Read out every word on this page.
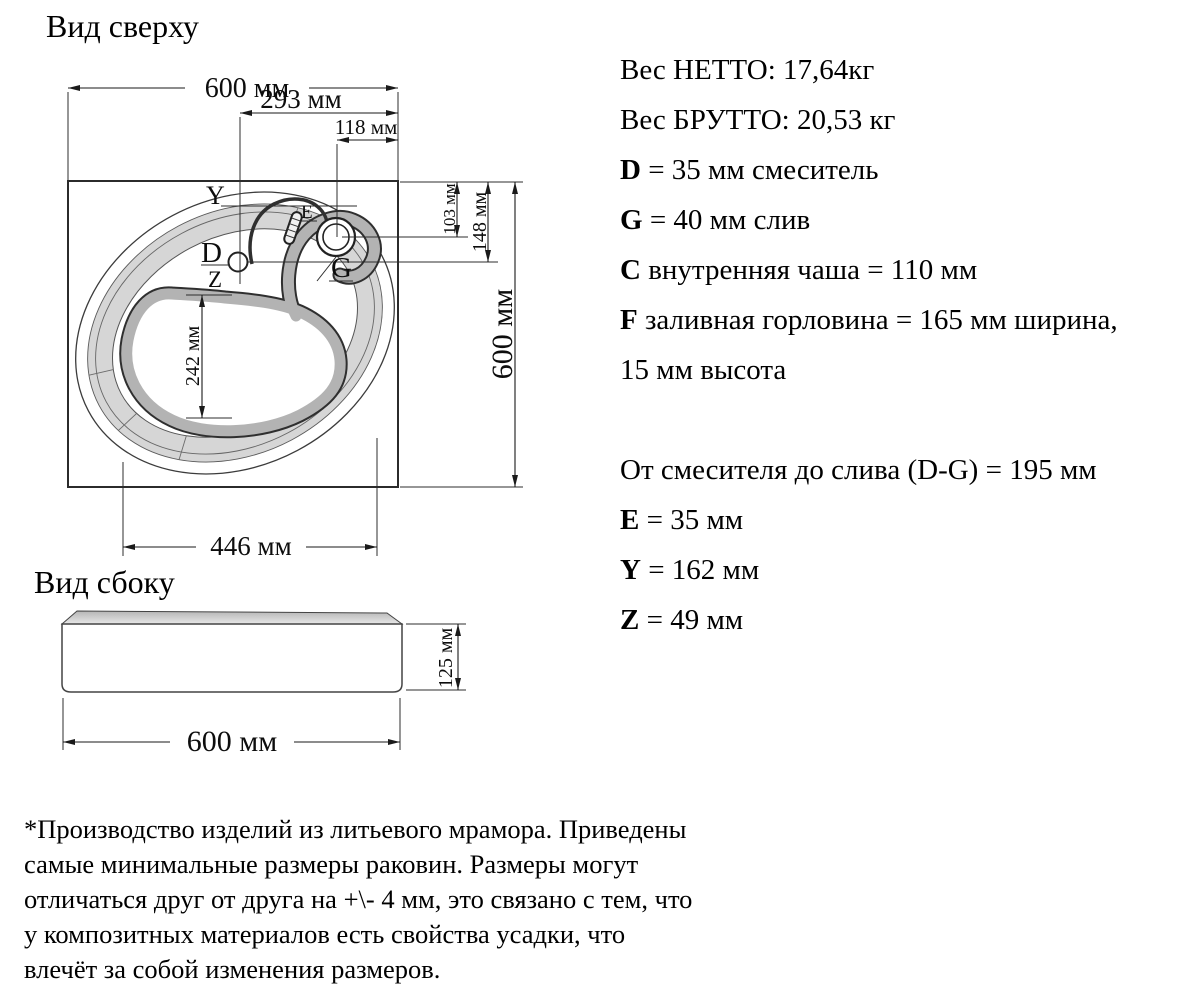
Вид сверху
Вид сбоку
600 мм
293 мм
118 мм
103 мм 148 мм
600 мм
242 мм
446 мм
Y
E
D
Z	G
125 мм
600 мм
Вес НЕТТО: 17,64кг
Вес БРУТТО: 20,53 кг
D = 35 мм смеситель
G = 40 мм слив
C внутренняя чаша = 110 мм
F заливная горловина = 165 мм ширина,
15 мм высота
От смесителя до слива (D-G) = 195 мм
E = 35 мм
Y = 162 мм
Z = 49 мм
*Производство изделий из литьевого мрамора. Приведены
самые минимальные размеры раковин. Размеры могут
отличаться друг от друга на +\- 4 мм, это связано с тем, что
у композитных материалов есть свойства усадки, что
влечёт за собой изменения размеров.
